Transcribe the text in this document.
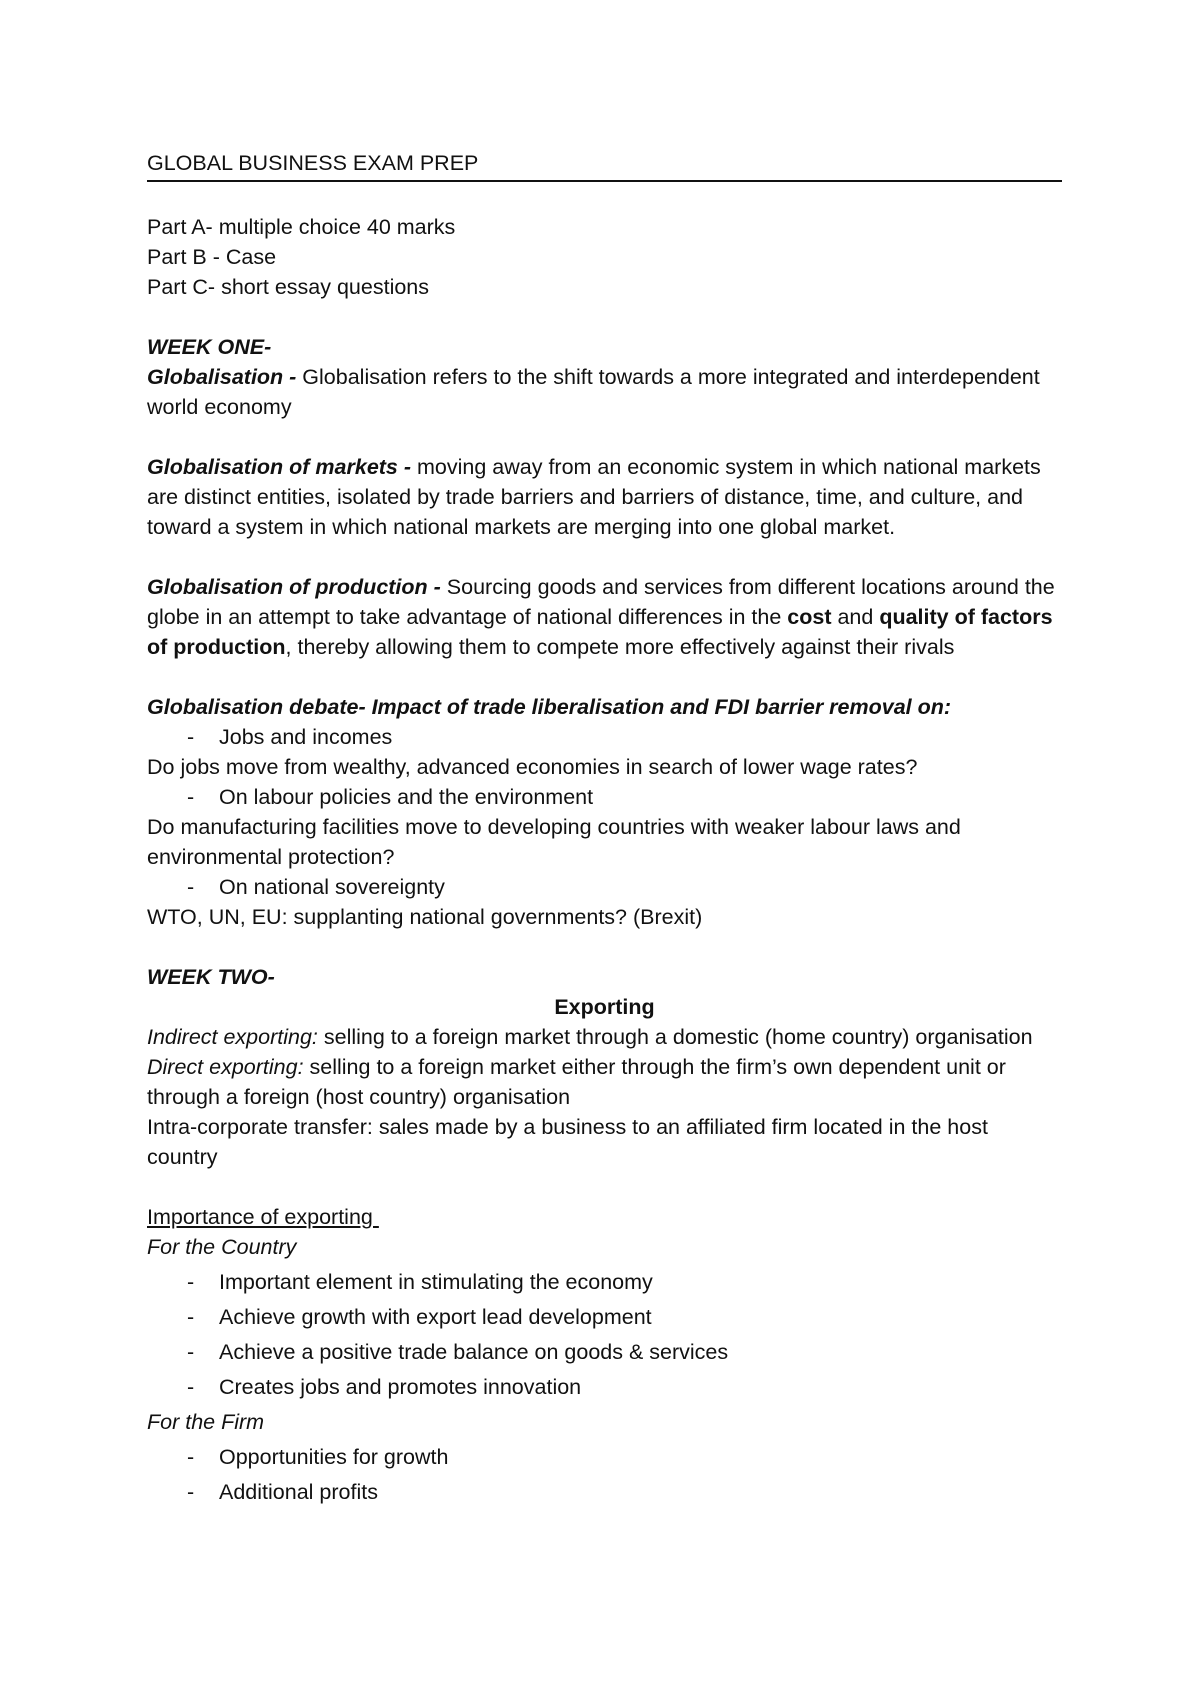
GLOBAL BUSINESS EXAM PREP
Part A- multiple choice 40 marks
Part B - Case
Part C- short essay questions
WEEK ONE-
Globalisation - Globalisation refers to the shift towards a more integrated and interdependent world economy
Globalisation of markets - moving away from an economic system in which national markets are distinct entities, isolated by trade barriers and barriers of distance, time, and culture, and toward a system in which national markets are merging into one global market.
Globalisation of production - Sourcing goods and services from different locations around the globe in an attempt to take advantage of national differences in the cost and quality of factors of production, thereby allowing them to compete more effectively against their rivals
Globalisation debate- Impact of trade liberalisation and FDI barrier removal on:
- Jobs and incomes
Do jobs move from wealthy, advanced economies in search of lower wage rates?
- On labour policies and the environment
Do manufacturing facilities move to developing countries with weaker labour laws and environmental protection?
- On national sovereignty
WTO, UN, EU: supplanting national governments? (Brexit)
WEEK TWO-
Exporting
Indirect exporting: selling to a foreign market through a domestic (home country) organisation
Direct exporting: selling to a foreign market either through the firm’s own dependent unit or through a foreign (host country) organisation
Intra-corporate transfer: sales made by a business to an affiliated firm located in the host country
Importance of exporting
For the Country
- Important element in stimulating the economy
- Achieve growth with export lead development
- Achieve a positive trade balance on goods & services
- Creates jobs and promotes innovation
For the Firm
- Opportunities for growth
- Additional profits
